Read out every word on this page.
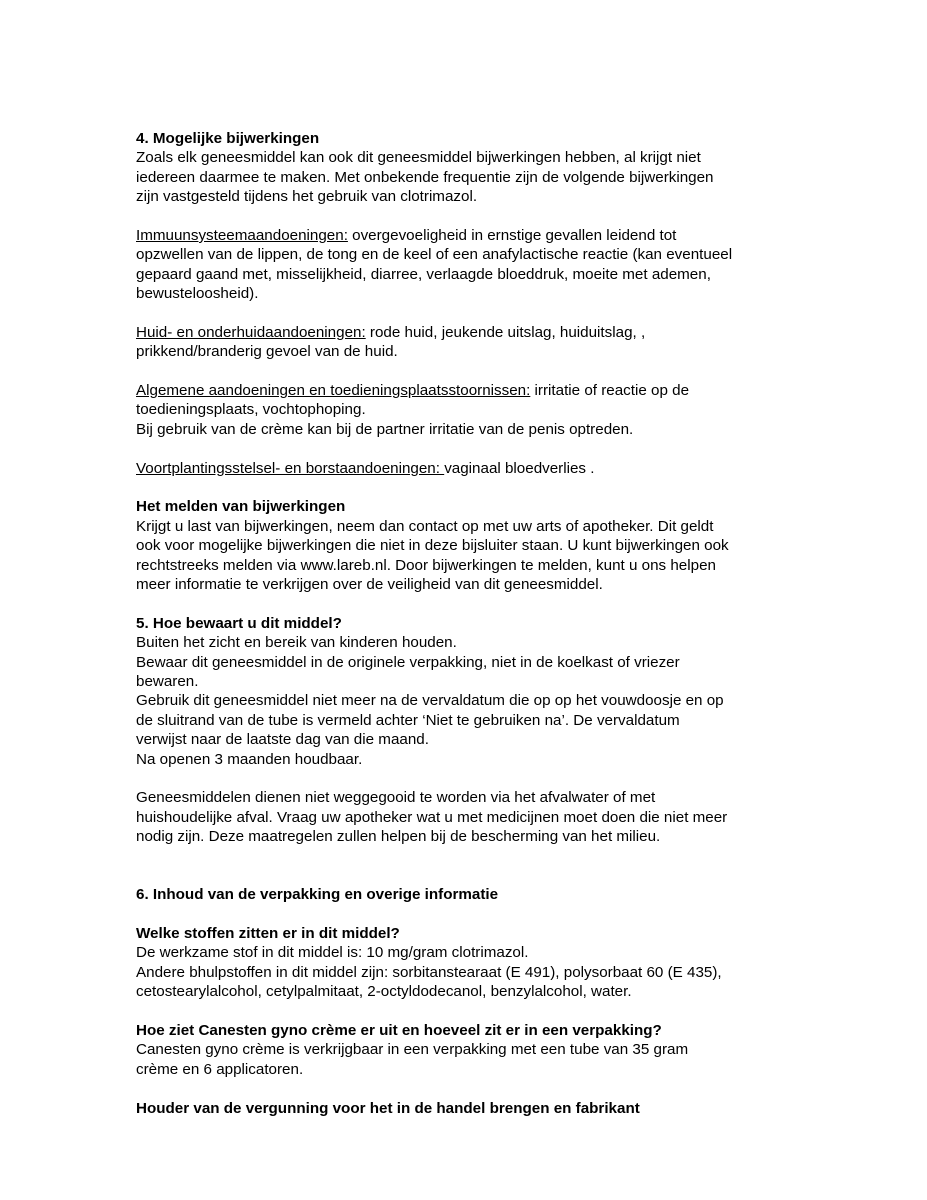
4. Mogelijke bijwerkingen
Zoals elk geneesmiddel kan ook dit geneesmiddel bijwerkingen hebben, al krijgt niet
iedereen daarmee te maken. Met onbekende frequentie zijn de volgende bijwerkingen
zijn vastgesteld tijdens het gebruik van clotrimazol.
Immuunsysteemaandoeningen: overgevoeligheid in ernstige gevallen leidend tot
opzwellen van de lippen, de tong en de keel of een anafylactische reactie (kan eventueel
gepaard gaand met, misselijkheid, diarree, verlaagde bloeddruk, moeite met ademen,
bewusteloosheid).
Huid- en onderhuidaandoeningen: rode huid, jeukende uitslag, huiduitslag, ,
prikkend/branderig gevoel van de huid.
Algemene aandoeningen en toedieningsplaatsstoornissen: irritatie of reactie op de
toedieningsplaats, vochtophoping.
Bij gebruik van de crème kan bij de partner irritatie van de penis optreden.
Voortplantingsstelsel- en borstaandoeningen: vaginaal bloedverlies .
Het melden van bijwerkingen
Krijgt u last van bijwerkingen, neem dan contact op met uw arts of apotheker. Dit geldt
ook voor mogelijke bijwerkingen die niet in deze bijsluiter staan. U kunt bijwerkingen ook
rechtstreeks melden via www.lareb.nl. Door bijwerkingen te melden, kunt u ons helpen
meer informatie te verkrijgen over de veiligheid van dit geneesmiddel.
5. Hoe bewaart u dit middel?
Buiten het zicht en bereik van kinderen houden.
Bewaar dit geneesmiddel in de originele verpakking, niet in de koelkast of vriezer
bewaren.
Gebruik dit geneesmiddel niet meer na de vervaldatum die op op het vouwdoosje en op
de sluitrand van de tube is vermeld achter ‘Niet te gebruiken na’. De vervaldatum
verwijst naar de laatste dag van die maand.
Na openen 3 maanden houdbaar.
Geneesmiddelen dienen niet weggegooid te worden via het afvalwater of met
huishoudelijke afval. Vraag uw apotheker wat u met medicijnen moet doen die niet meer
nodig zijn. Deze maatregelen zullen helpen bij de bescherming van het milieu.
6. Inhoud van de verpakking en overige informatie
Welke stoffen zitten er in dit middel?
De werkzame stof in dit middel is: 10 mg/gram clotrimazol.
Andere bhulpstoffen in dit middel zijn: sorbitanstearaat (E 491), polysorbaat 60 (E 435),
cetostearylalcohol, cetylpalmitaat, 2-octyldodecanol, benzylalcohol, water.
Hoe ziet Canesten gyno crème er uit en hoeveel zit er in een verpakking?
Canesten gyno crème is verkrijgbaar in een verpakking met een tube van 35 gram
crème en 6 applicatoren.
Houder van de vergunning voor het in de handel brengen en fabrikant
